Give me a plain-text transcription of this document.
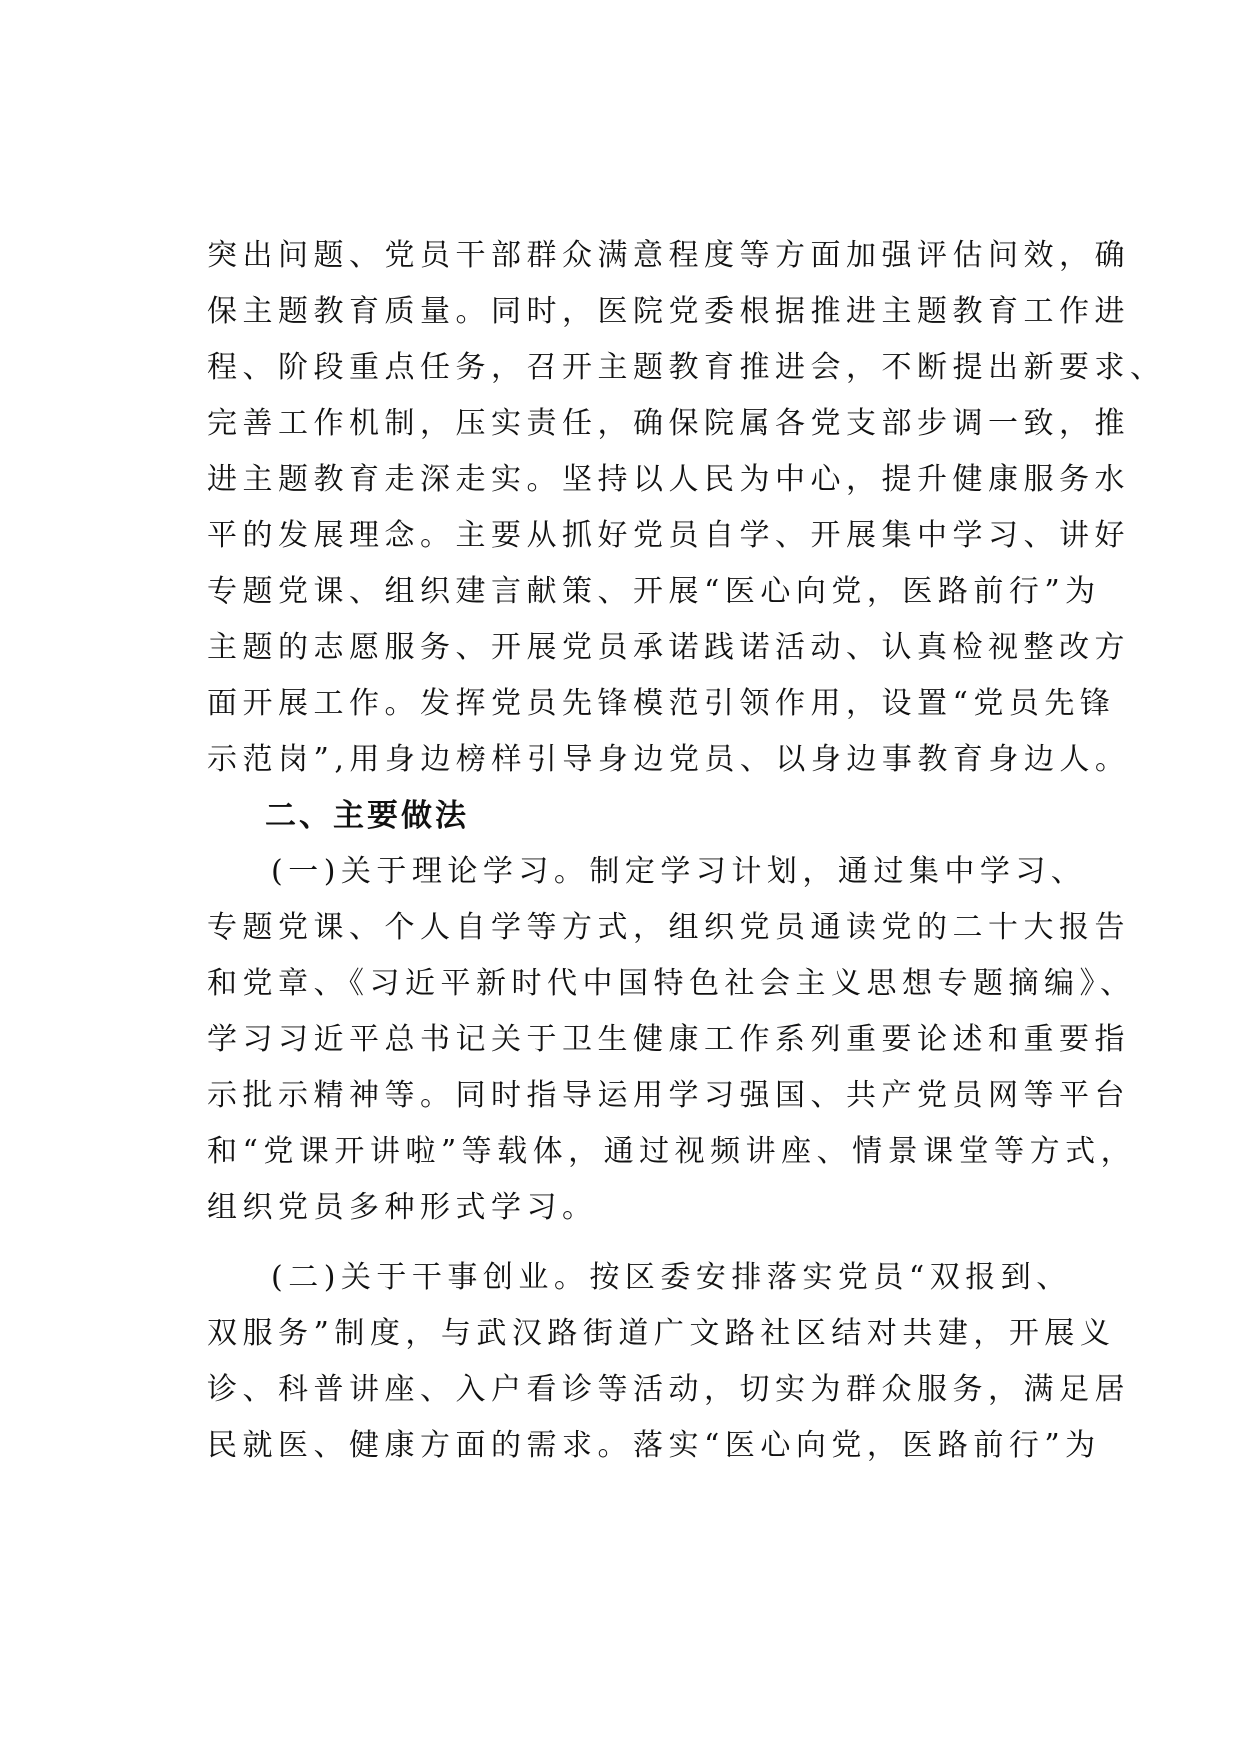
突出问题、党员干部群众满意程度等方面加强评估问效，确
保主题教育质量。同时，医院党委根据推进主题教育工作进
程、阶段重点任务，召开主题教育推进会，不断提出新要求、
完善工作机制，压实责任，确保院属各党支部步调一致，推
进主题教育走深走实。坚持以人民为中心，提升健康服务水
平的发展理念。主要从抓好党员自学、开展集中学习、讲好
专题党课、组织建言献策、开展“医心向党，医路前行”为
主题的志愿服务、开展党员承诺践诺活动、认真检视整改方
面开展工作。发挥党员先锋模范引领作用，设置“党员先锋
示范岗”,用身边榜样引导身边党员、以身边事教育身边人。
二、主要做法
(一)关于理论学习。制定学习计划，通过集中学习、
专题党课、个人自学等方式，组织党员通读党的二十大报告
和党章、《习近平新时代中国特色社会主义思想专题摘编》、
学习习近平总书记关于卫生健康工作系列重要论述和重要指
示批示精神等。同时指导运用学习强国、共产党员网等平台
和“党课开讲啦”等载体，通过视频讲座、情景课堂等方式，
组织党员多种形式学习。
(二)关于干事创业。按区委安排落实党员“双报到、
双服务”制度，与武汉路街道广文路社区结对共建，开展义
诊、科普讲座、入户看诊等活动，切实为群众服务，满足居
民就医、健康方面的需求。落实“医心向党，医路前行”为
